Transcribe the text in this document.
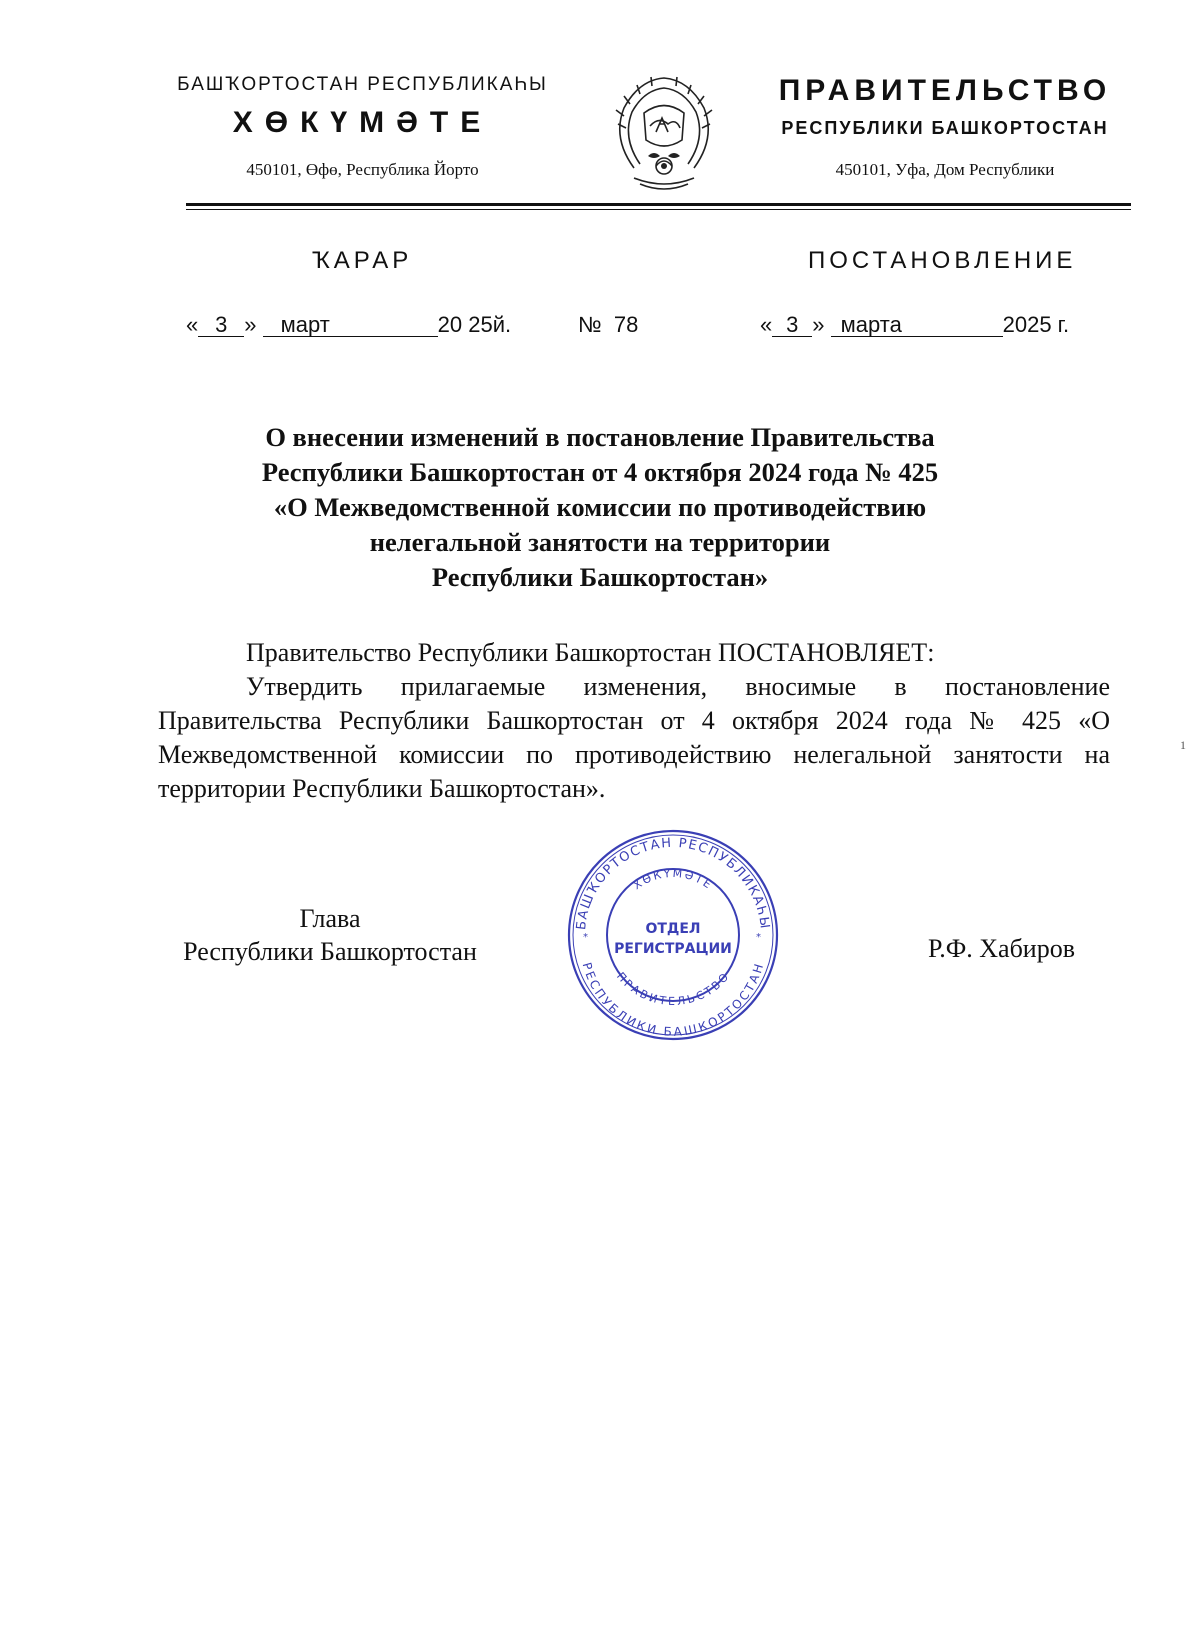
БАШҠОРТОСТАН РЕСПУБЛИКАҺЫ
ХӨКҮМӘТЕ
450101, Өфө, Республика Йорто
ПРАВИТЕЛЬСТВО
РЕСПУБЛИКИ БАШКОРТОСТАН
450101, Уфа, Дом Республики
ҠАРАР	ПОСТАНОВЛЕНИЕ
« 3 » март	20 25й.	№ 78	« 3 » марта	2025 г.
О внесении изменений в постановление Правительства
Республики Башкортостан от 4 октября 2024 года № 425
«О Межведомственной комиссии по противодействию
нелегальной занятости на территории
Республики Башкортостан»
Правительство Республики Башкортостан ПОСТАНОВЛЯЕТ:
Утвердить прилагаемые изменения, вносимые в постановление Правительства Республики Башкортостан от 4 октября 2024 года № 425 «О Межведомственной комиссии по противодействию нелегальной занятости на территории Республики Башкортостан».
Глава
Республики Башкортостан	Р.Ф. Хабиров
БАШҠОРТОСТАН РЕСПУБЛИКАҺЫ
РЕСПУБЛИКИ БАШКОРТОСТАН
ХӨКҮМӘТЕ
ПРАВИТЕЛЬСТВО
ОТДЕЛ
РЕГИСТРАЦИИ
*	*
1
